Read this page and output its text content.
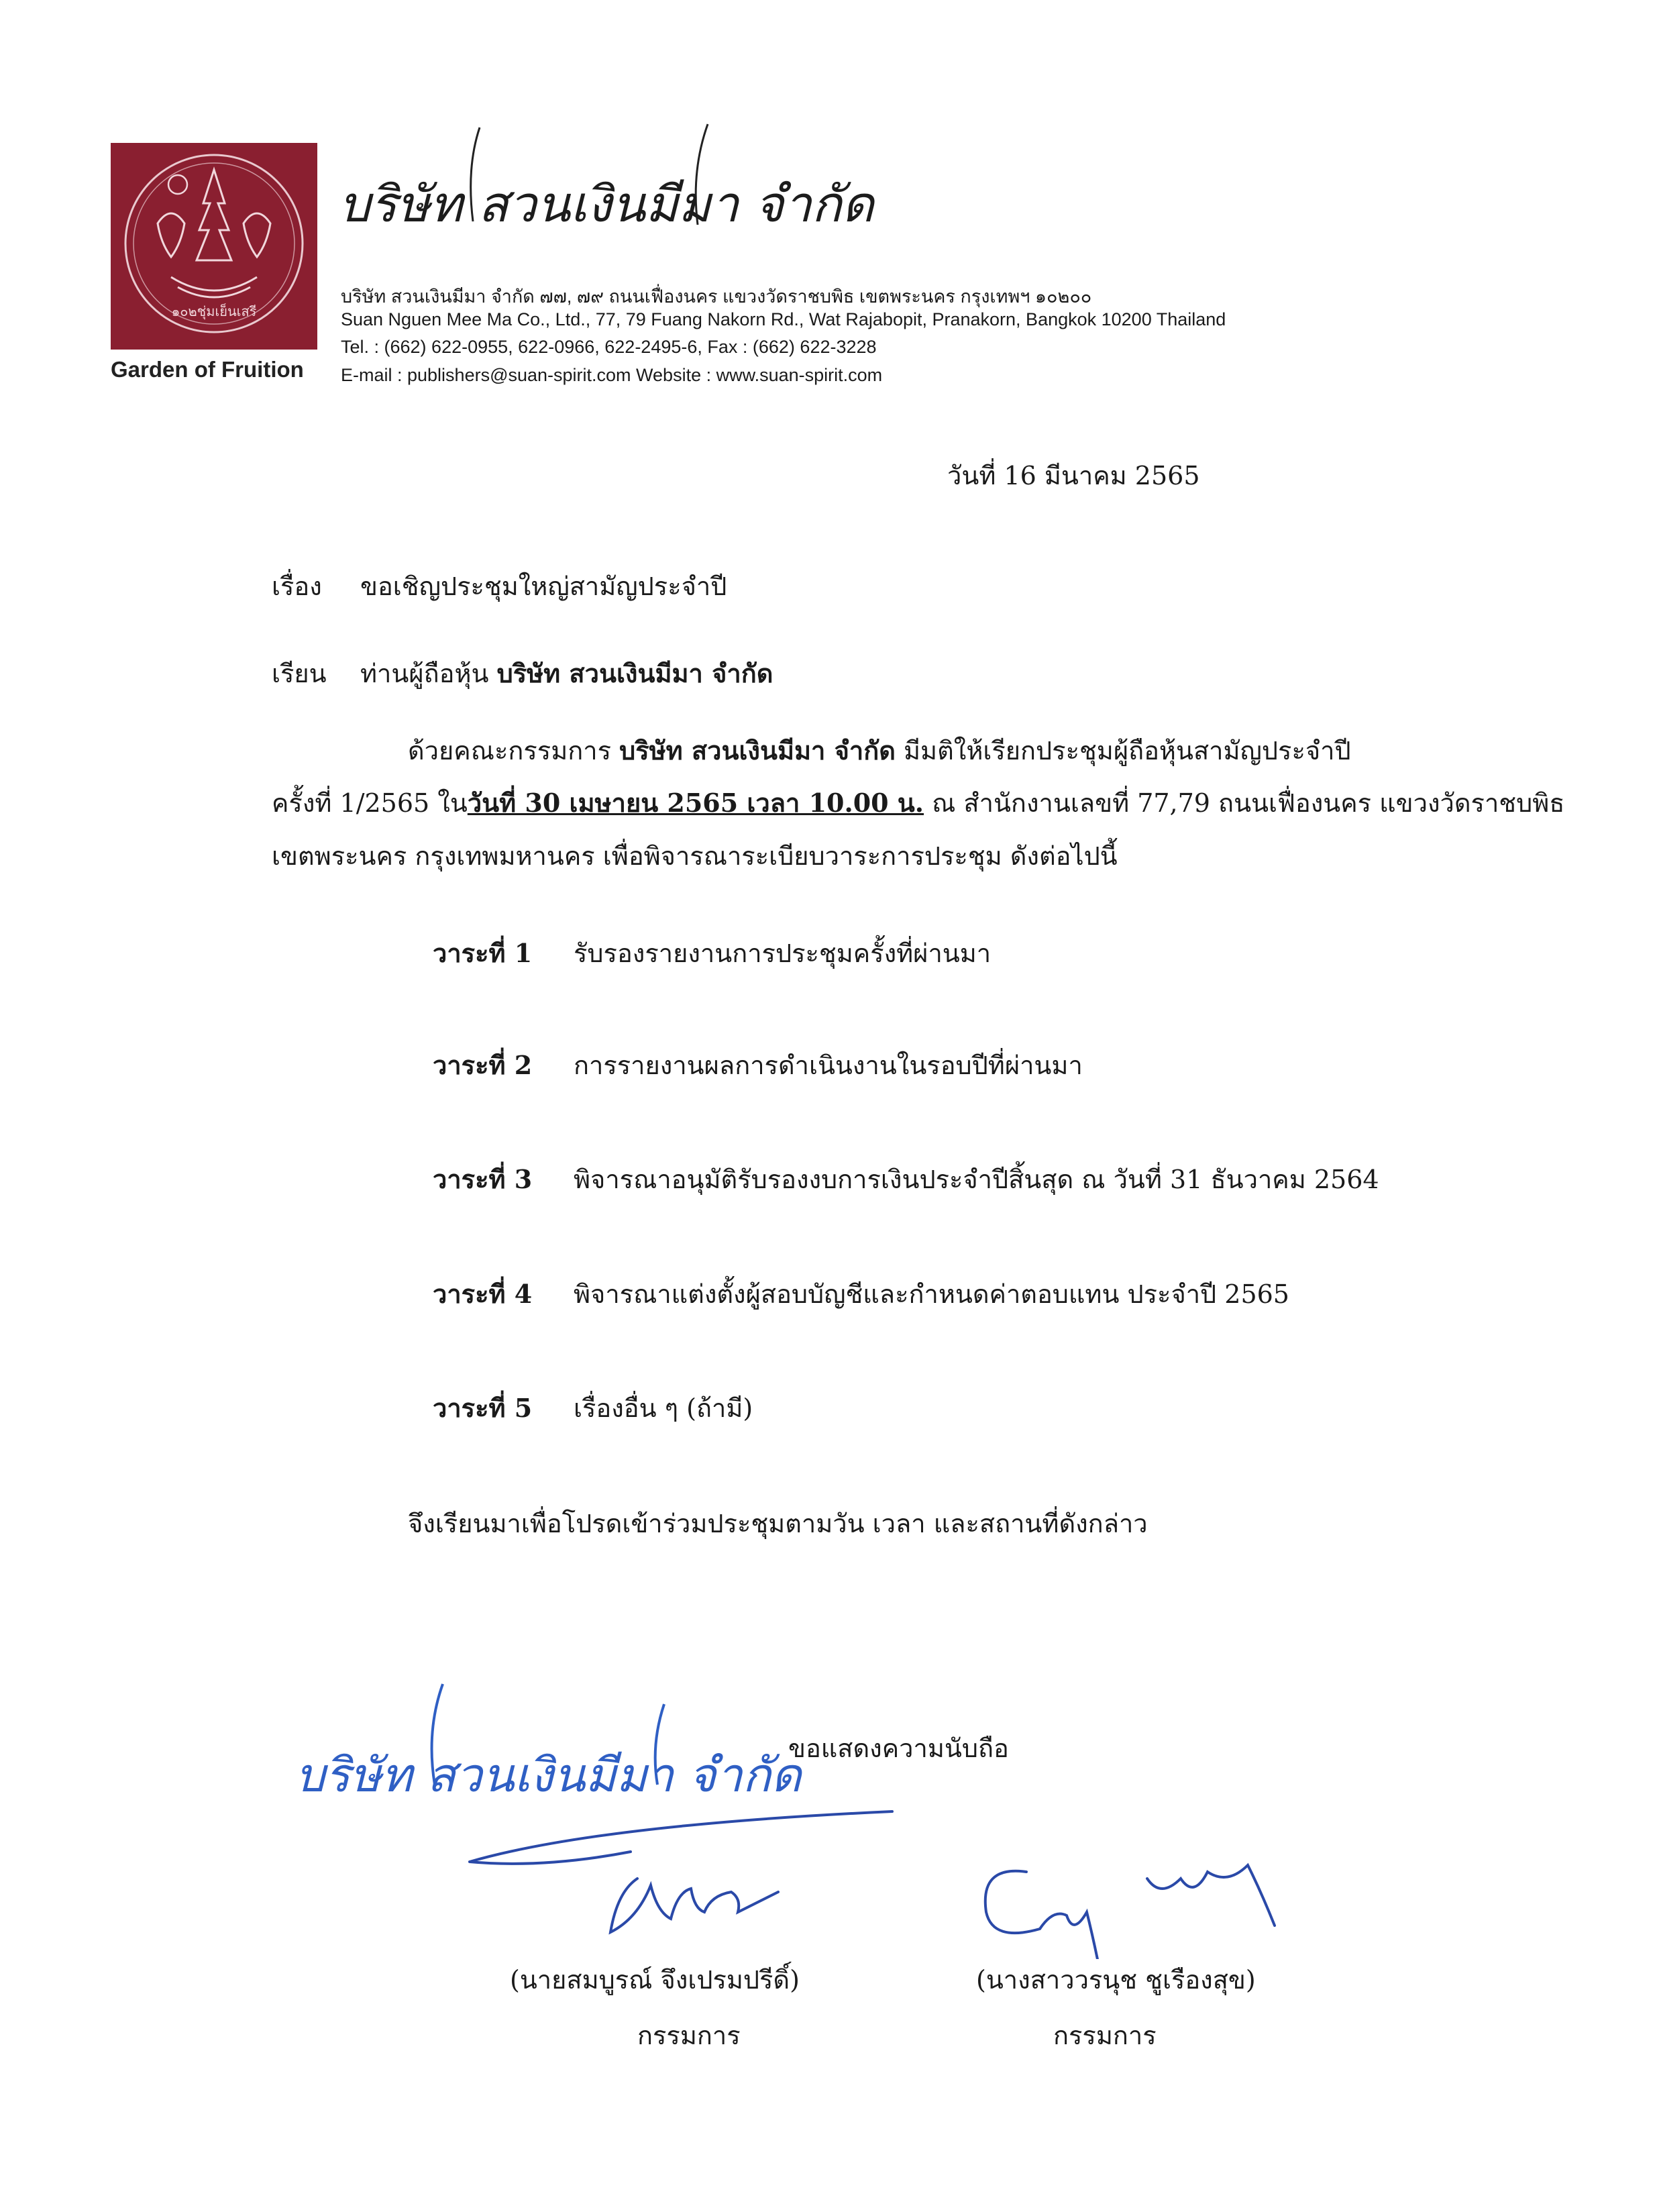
๑๐๒ชุ่มเย็นเสรี
Garden of Fruition
บริษัท สวนเงินมีมา จำกัด
บริษัท สวนเงินมีมา จำกัด ๗๗, ๗๙ ถนนเฟื่องนคร แขวงวัดราชบพิธ เขตพระนคร กรุงเทพฯ ๑๐๒๐๐
Suan Nguen Mee Ma Co., Ltd., 77, 79 Fuang Nakorn Rd., Wat Rajabopit, Pranakorn, Bangkok 10200 Thailand
Tel. : (662) 622-0955, 622-0966, 622-2495-6, Fax : (662) 622-3228
E-mail : publishers@suan-spirit.com Website : www.suan-spirit.com
วันที่ 16 มีนาคม 2565
เรื่อง ขอเชิญประชุมใหญ่สามัญประจำปี
เรียน ท่านผู้ถือหุ้น บริษัท สวนเงินมีมา จำกัด
ด้วยคณะกรรมการ บริษัท สวนเงินมีมา จำกัด มีมติให้เรียกประชุมผู้ถือหุ้นสามัญประจำปี
ครั้งที่ 1/2565 ในวันที่ 30 เมษายน 2565 เวลา 10.00 น. ณ สำนักงานเลขที่ 77,79 ถนนเฟื่องนคร แขวงวัดราชบพิธ
เขตพระนคร กรุงเทพมหานคร เพื่อพิจารณาระเบียบวาระการประชุม ดังต่อไปนี้
วาระที่ 1 รับรองรายงานการประชุมครั้งที่ผ่านมา
วาระที่ 2 การรายงานผลการดำเนินงานในรอบปีที่ผ่านมา
วาระที่ 3 พิจารณาอนุมัติรับรองงบการเงินประจำปีสิ้นสุด ณ วันที่ 31 ธันวาคม 2564
วาระที่ 4 พิจารณาแต่งตั้งผู้สอบบัญชีและกำหนดค่าตอบแทน ประจำปี 2565
วาระที่ 5 เรื่องอื่น ๆ (ถ้ามี)
จึงเรียนมาเพื่อโปรดเข้าร่วมประชุมตามวัน เวลา และสถานที่ดังกล่าว
บริษัท สวนเงินมีมา จำกัด
ขอแสดงความนับถือ
(นายสมบูรณ์ จึงเปรมปรีดิ์)
กรรมการ
(นางสาววรนุช ชูเรืองสุข)
กรรมการ
